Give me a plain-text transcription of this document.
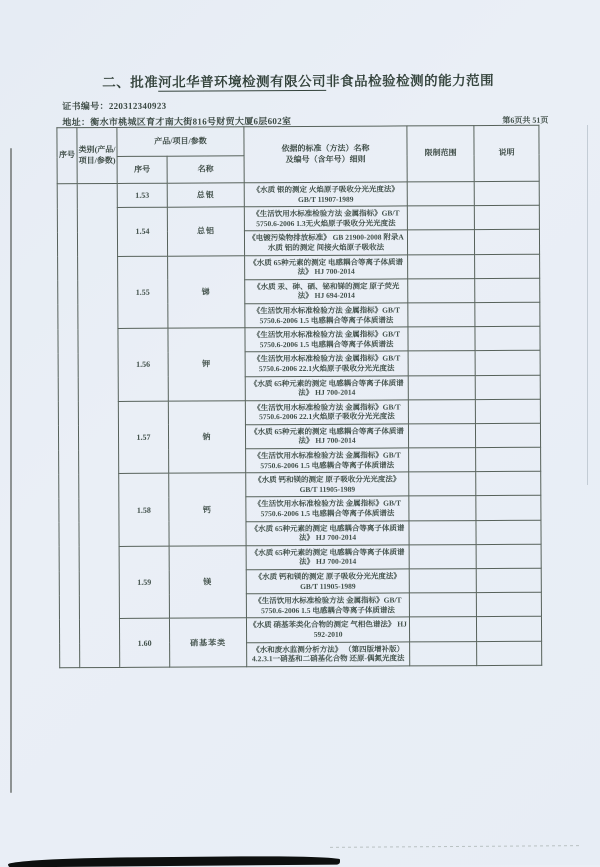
二、批准河北华普环境检测有限公司非食品检验检测的能力范围
证书编号：220312340923
地址：衡水市桃城区育才南大街816号财贸大厦6层602室	第6页共 51页
序号	类别(产品/项目/参数)	产品/项目/参数		依据的标准（方法）名称
及编号（含年号）细则	限制范围	说明
		序号	名称			
		1.53	总银	《水质 银的测定 火焰原子吸收分光光度法》 GB/T 11907-1989		
		1.54	总铝	《生活饮用水标准检验方法 金属指标》GB/T 5750.6-2006 1.3无火焰原子吸收分光光度法		
				《电镀污染物排放标准》 GB 21900-2008 附录A 水质 铝的测定 间接火焰原子吸收法		
		1.55	锑	《水质 65种元素的测定 电感耦合等离子体质谱法》 HJ 700-2014		
				《水质 汞、砷、硒、铋和锑的测定 原子荧光法》 HJ 694-2014		
				《生活饮用水标准检验方法 金属指标》GB/T 5750.6-2006 1.5 电感耦合等离子体质谱法		
		1.56	钾	《生活饮用水标准检验方法 金属指标》GB/T 5750.6-2006 1.5 电感耦合等离子体质谱法		
				《生活饮用水标准检验方法 金属指标》GB/T 5750.6-2006 22.1火焰原子吸收分光光度法		
				《水质 65种元素的测定 电感耦合等离子体质谱法》 HJ 700-2014		
		1.57	钠	《生活饮用水标准检验方法 金属指标》GB/T 5750.6-2006 22.1火焰原子吸收分光光度法		
				《水质 65种元素的测定 电感耦合等离子体质谱法》 HJ 700-2014		
				《生活饮用水标准检验方法 金属指标》GB/T 5750.6-2006 1.5 电感耦合等离子体质谱法		
		1.58	钙	《水质 钙和镁的测定 原子吸收分光光度法》 GB/T 11905-1989		
				《生活饮用水标准检验方法 金属指标》GB/T 5750.6-2006 1.5 电感耦合等离子体质谱法		
				《水质 65种元素的测定 电感耦合等离子体质谱法》 HJ 700-2014		
		1.59	镁	《水质 65种元素的测定 电感耦合等离子体质谱法》 HJ 700-2014		
				《水质 钙和镁的测定 原子吸收分光光度法》 GB/T 11905-1989		
				《生活饮用水标准检验方法 金属指标》GB/T 5750.6-2006 1.5 电感耦合等离子体质谱法		
		1.60	硝基苯类	《水质 硝基苯类化合物的测定 气相色谱法》 HJ 592-2010		
				《水和废水监测分析方法》 （第四版增补版） 4.2.3.1一硝基和二硝基化合物 还原-偶氮光度法		
